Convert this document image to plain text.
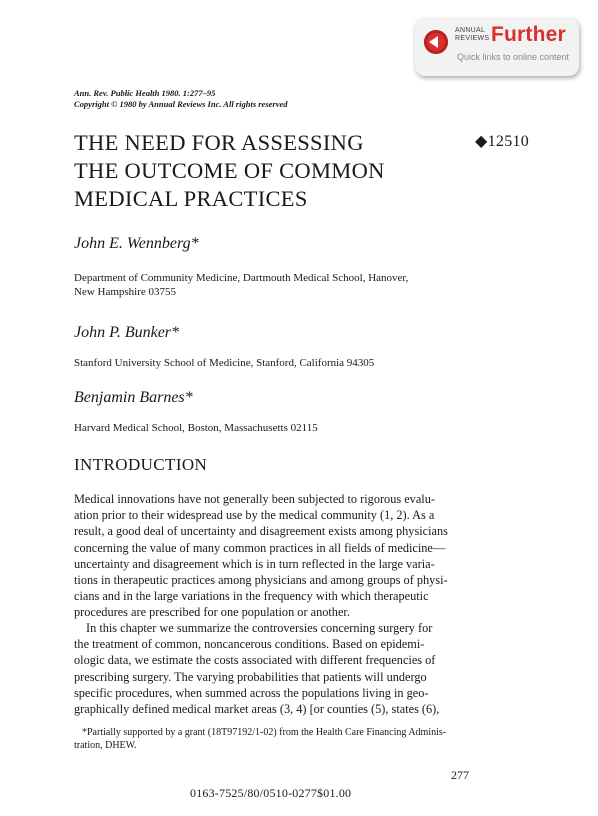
ANNUAL
REVIEWS Further
Quick links to online content
Ann. Rev. Public Health 1980. 1:277–95
Copyright © 1980 by Annual Reviews Inc. All rights reserved
THE NEED FOR ASSESSING
THE OUTCOME OF COMMON
MEDICAL PRACTICES
◆12510
John E. Wennberg*
Department of Community Medicine, Dartmouth Medical School, Hanover,
New Hampshire 03755
John P. Bunker*
Stanford University School of Medicine, Stanford, California 94305
Benjamin Barnes*
Harvard Medical School, Boston, Massachusetts 02115
INTRODUCTION
Medical innovations have not generally been subjected to rigorous evalu-
ation prior to their widespread use by the medical community (1, 2). As a
result, a good deal of uncertainty and disagreement exists among physicians
concerning the value of many common practices in all fields of medicine—
uncertainty and disagreement which is in turn reflected in the large varia-
tions in therapeutic practices among physicians and among groups of physi-
cians and in the large variations in the frequency with which therapeutic
procedures are prescribed for one population or another.
In this chapter we summarize the controversies concerning surgery for
the treatment of common, noncancerous conditions. Based on epidemi-
ologic data, we estimate the costs associated with different frequencies of
prescribing surgery. The varying probabilities that patients will undergo
specific procedures, when summed across the populations living in geo-
graphically defined medical market areas (3, 4) [or counties (5), states (6),
*Partially supported by a grant (18T97192/1-02) from the Health Care Financing Adminis-
tration, DHEW.
277
0163-7525/80/0510-0277$01.00
